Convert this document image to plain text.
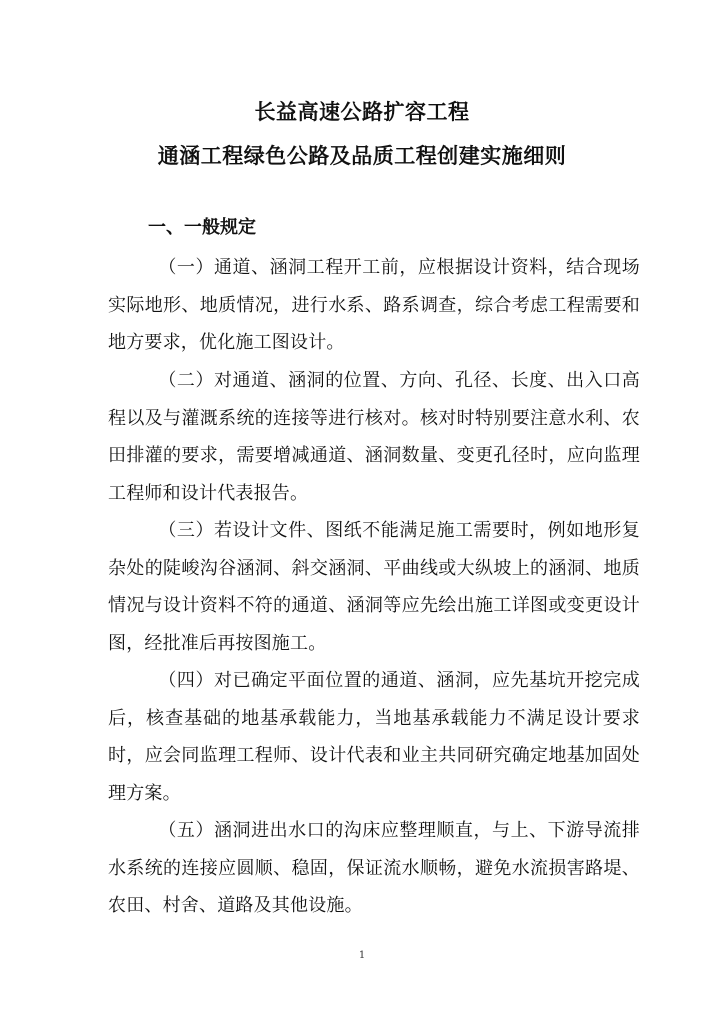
长益高速公路扩容工程
通涵工程绿色公路及品质工程创建实施细则
一、一般规定
（一）通道、涵洞工程开工前，应根据设计资料，结合现场实际地形、地质情况，进行水系、路系调查，综合考虑工程需要和地方要求，优化施工图设计。
（二）对通道、涵洞的位置、方向、孔径、长度、出入口高程以及与灌溉系统的连接等进行核对。核对时特别要注意水利、农田排灌的要求，需要增减通道、涵洞数量、变更孔径时，应向监理工程师和设计代表报告。
（三）若设计文件、图纸不能满足施工需要时，例如地形复杂处的陡峻沟谷涵洞、斜交涵洞、平曲线或大纵坡上的涵洞、地质情况与设计资料不符的通道、涵洞等应先绘出施工详图或变更设计图，经批准后再按图施工。
（四）对已确定平面位置的通道、涵洞，应先基坑开挖完成后，核查基础的地基承载能力，当地基承载能力不满足设计要求时，应会同监理工程师、设计代表和业主共同研究确定地基加固处理方案。
（五）涵洞进出水口的沟床应整理顺直，与上、下游导流排水系统的连接应圆顺、稳固，保证流水顺畅，避免水流损害路堤、农田、村舍、道路及其他设施。
1
